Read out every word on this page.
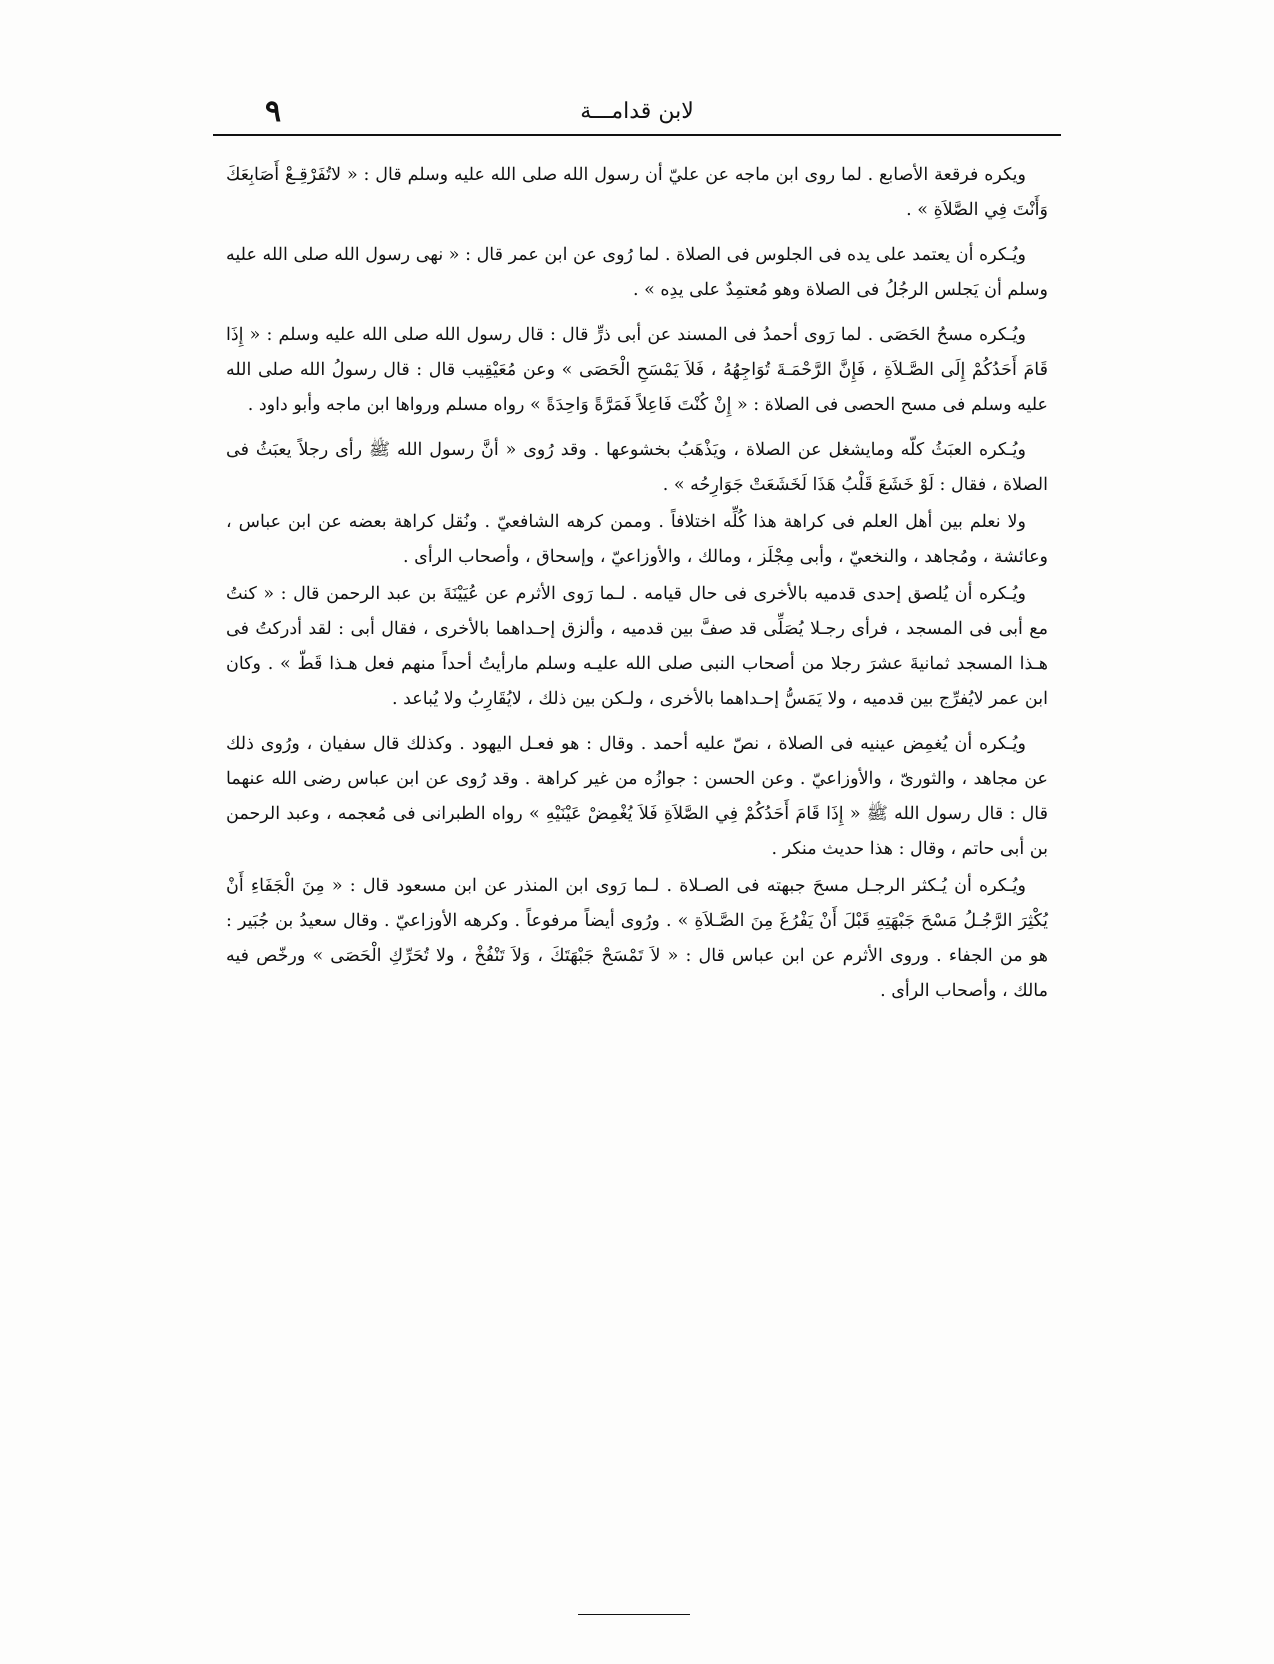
٩	لابن قدامـــة

ويكره فرقعة الأصابع . لما روى ابن ماجه عن عليّ أن رسول الله صلى الله عليه وسلم قال : « لاتُفَرْقِـعْ أَصَابِعَكَ وَأَنْتَ فِي الصَّلاَةِ » .

ويُـكره أن يعتمد على يده فى الجلوس فى الصلاة . لما رُوى عن ابن عمر قال : « نهى رسول الله صلى الله عليه وسلم أن يَجلس الرجُلُ فى الصلاة وهو مُعتمِدٌ على يدِه » .

ويُـكره مسحُ الحَصَى . لما رَوى أحمدُ فى المسند عن أبى ذرٍّ قال : قال رسول الله صلى الله عليه وسلم : « إِذَا قَامَ أَحَدُكُمْ إِلَى الصَّـلاَةِ ، فَإِنَّ الرَّحْمَـةَ تُوَاجِهُهُ ، فَلاَ يَمْسَحِ الْحَصَى » وعن مُعَيْقِيب قال : قال رسولُ الله صلى الله عليه وسلم فى مسح الحصى فى الصلاة : « إِنْ كُنْتَ فَاعِلاً فَمَرَّةً وَاحِدَةً » رواه مسلم ورواها ابن ماجه وأبو داود .

ويُـكره العبَثُ كلّه ومايشغل عن الصلاة ، ويَذْهَبُ بخشوعها . وقد رُوى « أنَّ رسول الله ﷺ رأى رجلاً يعبَثُ فى الصلاة ، فقال : لَوْ خَشَعَ قَلْبُ هَذَا لَخَشَعَتْ جَوَارِحُه » .

ولا نعلم بين أهل العلم فى كراهة هذا كُلِّه اختلافاً . وممن كرهه الشافعيّ . ونُقل كراهة بعضه عن ابن عباس ، وعائشة ، ومُجاهد ، والنخعيّ ، وأبى مِجْلَز ، ومالك ، والأوزاعيّ ، وإسحاق ، وأصحاب الرأى .

ويُـكره أن يُلصق إحدى قدميه بالأخرى فى حال قيامه . لـما رَوى الأثرم عن عُيَيْنَةَ بن عبد الرحمن قال : « كنتُ مع أبى فى المسجد ، فرأى رجـلا يُصَلِّى قد صفَّ بين قدميه ، وألزق إحـداهما بالأخرى ، فقال أبى : لقد أدركتُ فى هـذا المسجد ثمانيةَ عشرَ رجلا من أصحاب النبى صلى الله عليـه وسلم مارأيتُ أحداً منهم فعل هـذا قَطّ » . وكان ابن عمر لايُفرِّج بين قدميه ، ولا يَمَسُّ إحـداهما بالأخرى ، ولـكن بين ذلك ، لايُقَارِبُ ولا يُباعد .

ويُـكره أن يُغمِض عينيه فى الصلاة ، نصّ عليه أحمد . وقال : هو فعـل اليهود . وكذلك قال سفيان ، ورُوى ذلك عن مجاهد ، والثورىّ ، والأوزاعيّ . وعن الحسن : جوازُه من غير كراهة . وقد رُوى عن ابن عباس رضى الله عنهما قال : قال رسول الله ﷺ « إِذَا قَامَ أَحَدُكُمْ فِي الصَّلاَةِ فَلاَ يُغْمِضْ عَيْنَيْهِ » رواه الطبرانى فى مُعجمه ، وعبد الرحمن بن أبى حاتم ، وقال : هذا حديث منكر .

ويُـكره أن يُـكثر الرجـل مسحَ جبهته فى الصـلاة . لـما رَوى ابن المنذر عن ابن مسعود قال : « مِنَ الْجَفَاءِ أَنْ يُكْثِرَ الرَّجُـلُ مَسْحَ جَبْهَتِهِ قَبْلَ أَنْ يَفْرُغَ مِنَ الصَّـلاَةِ » . ورُوى أيضاً مرفوعاً . وكرهه الأوزاعيّ . وقال سعيدُ بن جُبَير : هو من الجفاء . وروى الأثرم عن ابن عباس قال : « لاَ تَمْسَحْ جَبْهَتَكَ ، وَلاَ تَنْفُخْ ، ولا تُحَرِّكِ الْحَصَى » ورخّص فيه مالك ، وأصحاب الرأى .
